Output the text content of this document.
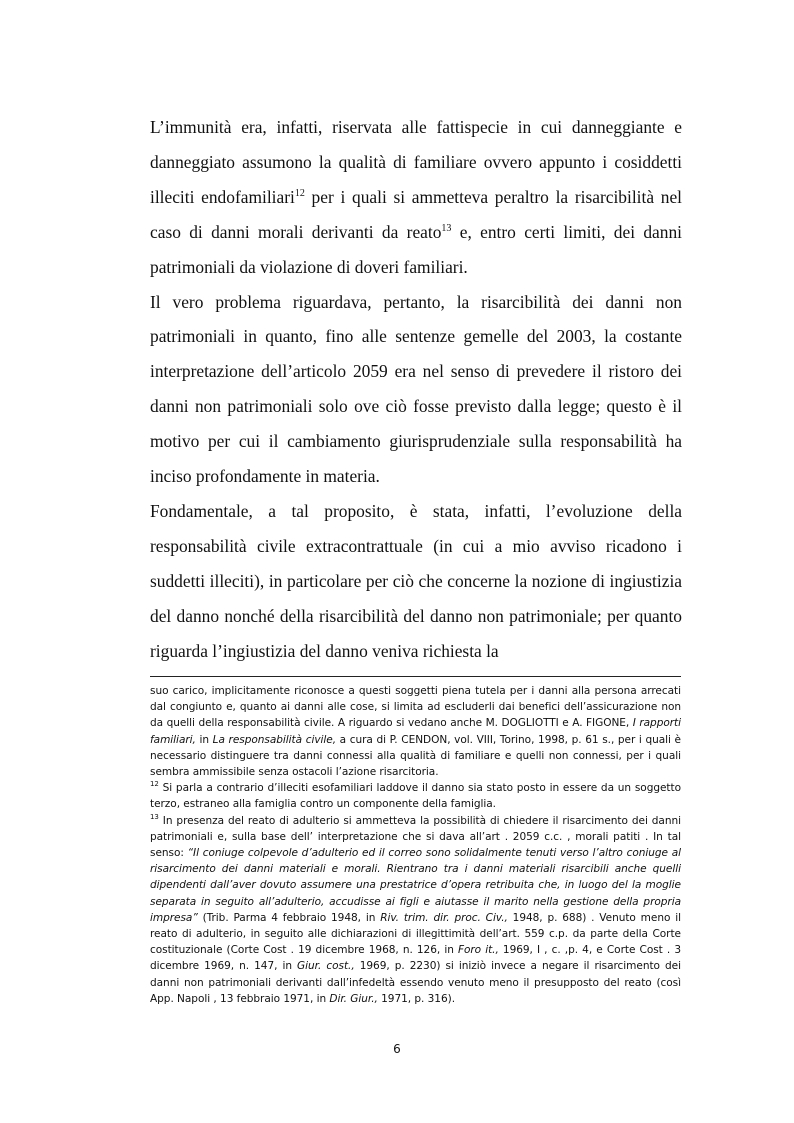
L’immunità era, infatti, riservata alle fattispecie in cui danneggiante e danneggiato assumono la qualità di familiare ovvero appunto i cosiddetti illeciti endofamiliari$^{12}$ per i quali si ammetteva peraltro la risarcibilità nel caso di danni morali derivanti da reato$^{13}$ e, entro certi limiti, dei danni patrimoniali da violazione di doveri familiari.

Il vero problema riguardava, pertanto, la risarcibilità dei danni non patrimoniali in quanto, fino alle sentenze gemelle del 2003, la costante interpretazione dell’articolo 2059 era nel senso di prevedere il ristoro dei danni non patrimoniali solo ove ciò fosse previsto dalla legge; questo è il motivo per cui il cambiamento giurisprudenziale sulla responsabilità ha inciso profondamente in materia.

Fondamentale, a tal proposito, è stata, infatti, l’evoluzione della responsabilità civile extracontrattuale (in cui a mio avviso ricadono i suddetti illeciti), in particolare per ciò che concerne la nozione di ingiustizia del danno nonché della risarcibilità del danno non patrimoniale; per quanto riguarda l’ingiustizia del danno veniva richiesta la

suo carico, implicitamente riconosce a questi soggetti piena tutela per i danni alla persona arrecati dal congiunto e, quanto ai danni alle cose, si limita ad escluderli dai benefici dell’assicurazione non da quelli della responsabilità civile. A riguardo si vedano anche M. DOGLIOTTI e A. FIGONE, I rapporti familiari, in La responsabilità civile, a cura di P. CENDON, vol. VIII, Torino, 1998, p. 61 s., per i quali è necessario distinguere tra danni connessi alla qualità di familiare e quelli non connessi, per i quali sembra ammissibile senza ostacoli l’azione risarcitoria.

$^{12}$ Si parla a contrario d’illeciti esofamiliari laddove il danno sia stato posto in essere da un soggetto terzo, estraneo alla famiglia contro un componente della famiglia.

$^{13}$ In presenza del reato di adulterio si ammetteva la possibilità di chiedere il risarcimento dei danni patrimoniali e, sulla base dell’ interpretazione che si dava all’art . 2059 c.c. , morali patiti . In tal senso: “Il coniuge colpevole d’adulterio ed il correo sono solidalmente tenuti verso l’altro coniuge al risarcimento dei danni materiali e morali. Rientrano tra i danni materiali risarcibili anche quelli dipendenti dall’aver dovuto assumere una prestatrice d’opera retribuita che, in luogo del la moglie separata in seguito all’adulterio, accudisse ai figli e aiutasse il marito nella gestione della propria impresa” (Trib. Parma 4 febbraio 1948, in Riv. trim. dir. proc. Civ., 1948, p. 688) . Venuto meno il reato di adulterio, in seguito alle dichiarazioni di illegittimità dell’art. 559 c.p. da parte della Corte costituzionale (Corte Cost . 19 dicembre 1968, n. 126, in Foro it., 1969, I , c. ,p. 4, e Corte Cost . 3 dicembre 1969, n. 147, in Giur. cost., 1969, p. 2230) si iniziò invece a negare il risarcimento dei danni non patrimoniali derivanti dall’infedeltà essendo venuto meno il presupposto del reato (così App. Napoli , 13 febbraio 1971, in Dir. Giur., 1971, p. 316).

6
